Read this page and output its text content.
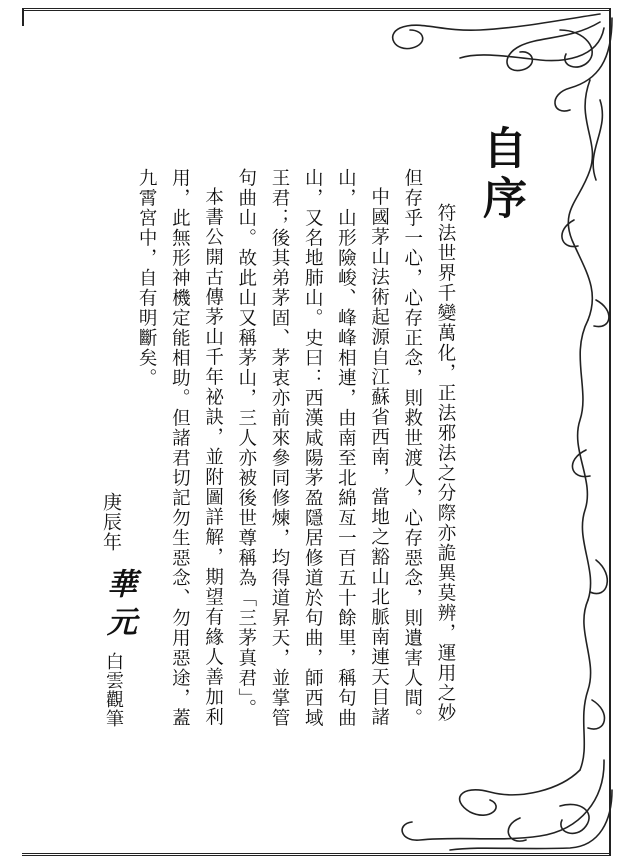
自序

符法世界千變萬化，正法邪法之分際亦詭異莫辨，運用之妙但存乎一心，心存正念，則救世渡人，心存惡念，則遺害人間。

中國茅山法術起源自江蘇省西南，當地之豁山北脈南連天目諸山，山形險峻、峰峰相連，由南至北綿亙一百五十餘里，稱句曲山，又名地肺山。史曰：西漢咸陽茅盈隱居修道於句曲，師西域王君；後其弟茅固、茅衷亦前來參同修煉，均得道昇天，並掌管句曲山。故此山又稱茅山，三人亦被後世尊稱為「三茅真君」。

本書公開古傳茅山千年祕訣，並附圖詳解，期望有緣人善加利用，此無形神機定能相助。但諸君切記勿生惡念、勿用惡途，蓋九霄宮中，自有明斷矣。

庚辰年
華元
白雲觀筆
